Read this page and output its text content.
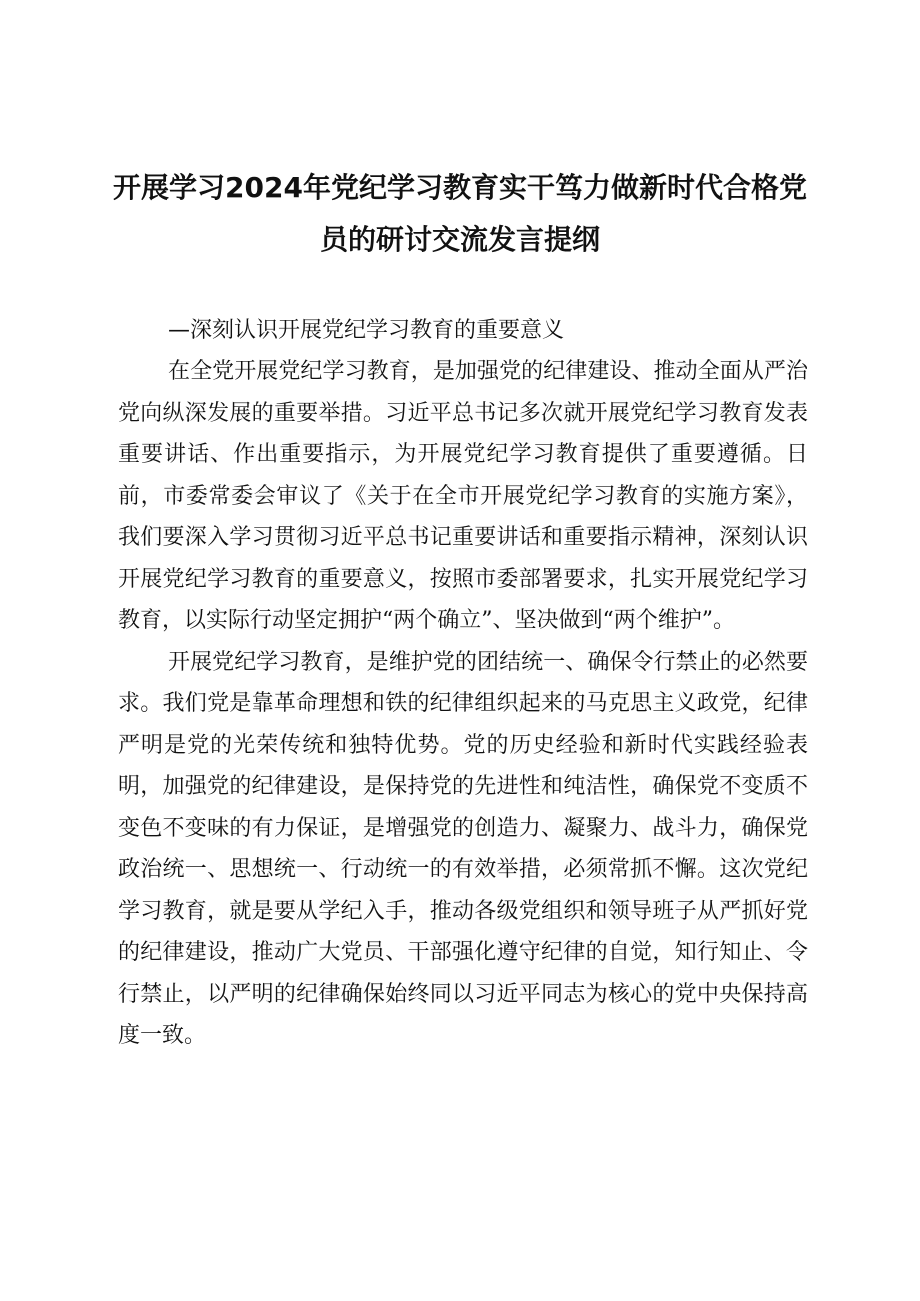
开展学习2024年党纪学习教育实干笃力做新时代合格党员的研讨交流发言提纲

—深刻认识开展党纪学习教育的重要意义

在全党开展党纪学习教育，是加强党的纪律建设、推动全面从严治党向纵深发展的重要举措。习近平总书记多次就开展党纪学习教育发表重要讲话、作出重要指示，为开展党纪学习教育提供了重要遵循。日前，市委常委会审议了《关于在全市开展党纪学习教育的实施方案》，我们要深入学习贯彻习近平总书记重要讲话和重要指示精神，深刻认识开展党纪学习教育的重要意义，按照市委部署要求，扎实开展党纪学习教育，以实际行动坚定拥护“两个确立”、坚决做到“两个维护”。

开展党纪学习教育，是维护党的团结统一、确保令行禁止的必然要求。我们党是靠革命理想和铁的纪律组织起来的马克思主义政党，纪律严明是党的光荣传统和独特优势。党的历史经验和新时代实践经验表明，加强党的纪律建设，是保持党的先进性和纯洁性，确保党不变质不变色不变味的有力保证，是增强党的创造力、凝聚力、战斗力，确保党政治统一、思想统一、行动统一的有效举措，必须常抓不懈。这次党纪学习教育，就是要从学纪入手，推动各级党组织和领导班子从严抓好党的纪律建设，推动广大党员、干部强化遵守纪律的自觉，知行知止、令行禁止，以严明的纪律确保始终同以习近平同志为核心的党中央保持高度一致。
